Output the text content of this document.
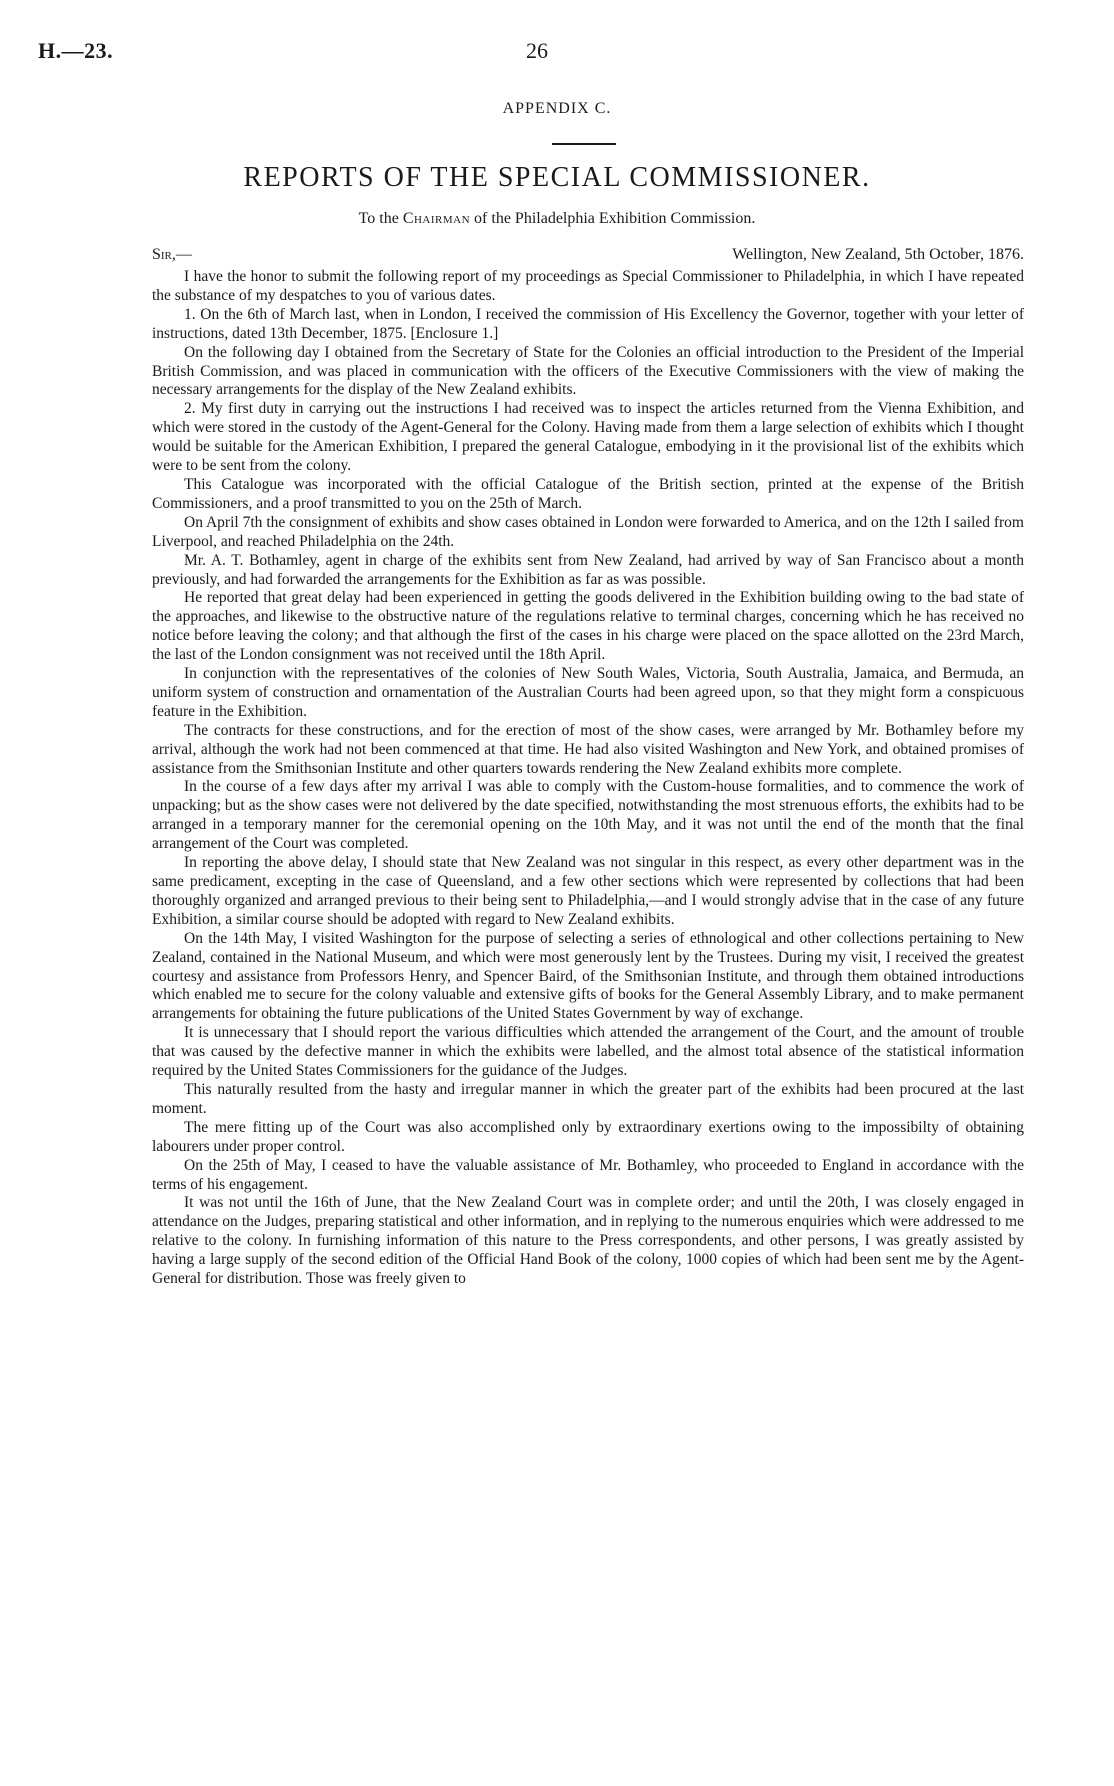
H.—23.	26
APPENDIX C.
REPORTS OF THE SPECIAL COMMISSIONER.
To the Chairman of the Philadelphia Exhibition Commission.
Sir,—	Wellington, New Zealand, 5th October, 1876.

I have the honor to submit the following report of my proceedings as Special Commissioner to Philadelphia, in which I have repeated the substance of my despatches to you of various dates.

1. On the 6th of March last, when in London, I received the commission of His Excellency the Governor, together with your letter of instructions, dated 13th December, 1875. [Enclosure 1.]

On the following day I obtained from the Secretary of State for the Colonies an official introduction to the President of the Imperial British Commission, and was placed in communication with the officers of the Executive Commissioners with the view of making the necessary arrangements for the display of the New Zealand exhibits.

2. My first duty in carrying out the instructions I had received was to inspect the articles returned from the Vienna Exhibition, and which were stored in the custody of the Agent-General for the Colony. Having made from them a large selection of exhibits which I thought would be suitable for the American Exhibition, I prepared the general Catalogue, embodying in it the provisional list of the exhibits which were to be sent from the colony.

This Catalogue was incorporated with the official Catalogue of the British section, printed at the expense of the British Commissioners, and a proof transmitted to you on the 25th of March.

On April 7th the consignment of exhibits and show cases obtained in London were forwarded to America, and on the 12th I sailed from Liverpool, and reached Philadelphia on the 24th.

Mr. A. T. Bothamley, agent in charge of the exhibits sent from New Zealand, had arrived by way of San Francisco about a month previously, and had forwarded the arrangements for the Exhibition as far as was possible.

He reported that great delay had been experienced in getting the goods delivered in the Exhibition building owing to the bad state of the approaches, and likewise to the obstructive nature of the regulations relative to terminal charges, concerning which he has received no notice before leaving the colony; and that although the first of the cases in his charge were placed on the space allotted on the 23rd March, the last of the London consignment was not received until the 18th April.

In conjunction with the representatives of the colonies of New South Wales, Victoria, South Australia, Jamaica, and Bermuda, an uniform system of construction and ornamentation of the Australian Courts had been agreed upon, so that they might form a conspicuous feature in the Exhibition.

The contracts for these constructions, and for the erection of most of the show cases, were arranged by Mr. Bothamley before my arrival, although the work had not been commenced at that time. He had also visited Washington and New York, and obtained promises of assistance from the Smithsonian Institute and other quarters towards rendering the New Zealand exhibits more complete.

In the course of a few days after my arrival I was able to comply with the Custom-house formalities, and to commence the work of unpacking; but as the show cases were not delivered by the date specified, notwithstanding the most strenuous efforts, the exhibits had to be arranged in a temporary manner for the ceremonial opening on the 10th May, and it was not until the end of the month that the final arrangement of the Court was completed.

In reporting the above delay, I should state that New Zealand was not singular in this respect, as every other department was in the same predicament, excepting in the case of Queensland, and a few other sections which were represented by collections that had been thoroughly organized and arranged previous to their being sent to Philadelphia,—and I would strongly advise that in the case of any future Exhibition, a similar course should be adopted with regard to New Zealand exhibits.

On the 14th May, I visited Washington for the purpose of selecting a series of ethnological and other collections pertaining to New Zealand, contained in the National Museum, and which were most generously lent by the Trustees. During my visit, I received the greatest courtesy and assistance from Professors Henry, and Spencer Baird, of the Smithsonian Institute, and through them obtained introductions which enabled me to secure for the colony valuable and extensive gifts of books for the General Assembly Library, and to make permanent arrangements for obtaining the future publications of the United States Government by way of exchange.

It is unnecessary that I should report the various difficulties which attended the arrangement of the Court, and the amount of trouble that was caused by the defective manner in which the exhibits were labelled, and the almost total absence of the statistical information required by the United States Commissioners for the guidance of the Judges.

This naturally resulted from the hasty and irregular manner in which the greater part of the exhibits had been procured at the last moment.

The mere fitting up of the Court was also accomplished only by extraordinary exertions owing to the impossibilty of obtaining labourers under proper control.

On the 25th of May, I ceased to have the valuable assistance of Mr. Bothamley, who proceeded to England in accordance with the terms of his engagement.

It was not until the 16th of June, that the New Zealand Court was in complete order; and until the 20th, I was closely engaged in attendance on the Judges, preparing statistical and other information, and in replying to the numerous enquiries which were addressed to me relative to the colony. In furnishing information of this nature to the Press correspondents, and other persons, I was greatly assisted by having a large supply of the second edition of the Official Hand Book of the colony, 1000 copies of which had been sent me by the Agent-General for distribution. Those was freely given to
